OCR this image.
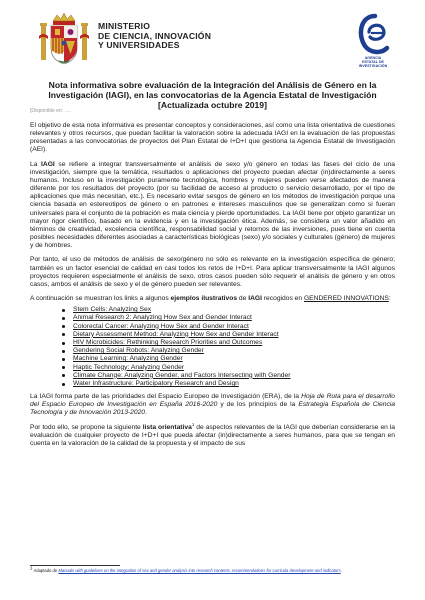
MINISTERIO
DE CIENCIA, INNOVACIÓN
Y UNIVERSIDADES
AGENCIA
ESTATAL DE
INVESTIGACIÓN
Nota informativa sobre evaluación de la Integración del Análisis de Género en la
Investigación (IAGI), en las convocatorias de la Agencia Estatal de Investigación
[Actualizada octubre 2019]
[Disponible en: ….

El objetivo de esta nota informativa es presentar conceptos y consideraciones, así como una lista orientativa de cuestiones relevantes y otros recursos, que puedan facilitar la valoración sobre la adecuada IAGI en la evaluación de las propuestas presentadas a las convocatorias de proyectos del Plan Estatal de I+D+I que gestiona la Agencia Estatal de Investigación (AEI).

La IAGI se refiere a integrar transversalmente el análisis de sexo y/o género en todas las fases del ciclo de una investigación, siempre que la temática, resultados o aplicaciones del proyecto puedan afectar (in)directamente a seres humanos. Incluso en la investigación puramente tecnológica, hombres y mujeres pueden verse afectados de manera diferente por los resultados del proyecto (por su facilidad de acceso al producto o servicio desarrollado, por el tipo de aplicaciones que más necesitan, etc.). Es necesario evitar sesgos de género en los métodos de investigación porque una ciencia basada en estereotipos de género o en patrones e intereses masculinos que se generalizan como si fueran universales para el conjunto de la población es mala ciencia y pierde oportunidades. La IAGI tiene por objeto garantizar un mayor rigor científico, basado en la evidencia y en la investigación ética. Además, se considera un valor añadido en términos de creatividad, excelencia científica, responsabilidad social y retornos de las inversiones, pues tiene en cuenta posibles necesidades diferentes asociadas a características biológicas (sexo) y/o sociales y culturales (género) de mujeres y de hombres.

Por tanto, el uso de métodos de análisis de sexo/género no sólo es relevante en la investigación específica de género; también es un factor esencial de calidad en casi todos los retos de I+D+I. Para aplicar transversalmente la IAGI algunos proyectos requieren especialmente el análisis de sexo, otros casos pueden sólo requerir el análisis de género y en otros casos, ambos el análisis de sexo y el de género pueden ser relevantes.

A continuación se muestran los links a algunos ejemplos ilustrativos de IAGI recogidos en GENDERED INNOVATIONS:

Stem Cells: Analyzing Sex
Animal Research 2: Analyzing How Sex and Gender Interact
Colorectal Cancer: Analyzing How Sex and Gender Interact
Dietary Assessment Method: Analyzing How Sex and Gender Interact
HIV Microbicides: Rethinking Research Priorities and Outcomes
Gendering Social Robots: Analyzing Gender
Machine Learning: Analyzing Gender
Haptic Technology: Analyzing Gender
Climate Change: Analyzing Gender, and Factors Intersecting with Gender
Water Infrastructure: Participatory Research and Design

La IAGI forma parte de las prioridades del Espacio Europeo de Investigación (ERA), de la Hoja de Ruta para el desarrollo del Espacio Europeo de Investigación en España 2016-2020 y de los principios de la Estrategia Española de Ciencia Tecnología y de Innovación 2013-2020.

Por todo ello, se propone la siguiente lista orientativa$^1$ de aspectos relevantes de la IAGI que deberían considerarse en la evaluación de cualquier proyecto de I+D+I que pueda afectar (in)directamente a seres humanos, para que se tengan en cuenta en la valoración de la calidad de la propuesta y el impacto de sus

$^1$ Adaptado de Manuals with guidelines on the integration of sex and gender analysis into research contents, recommendations for curricula development and indicators.
